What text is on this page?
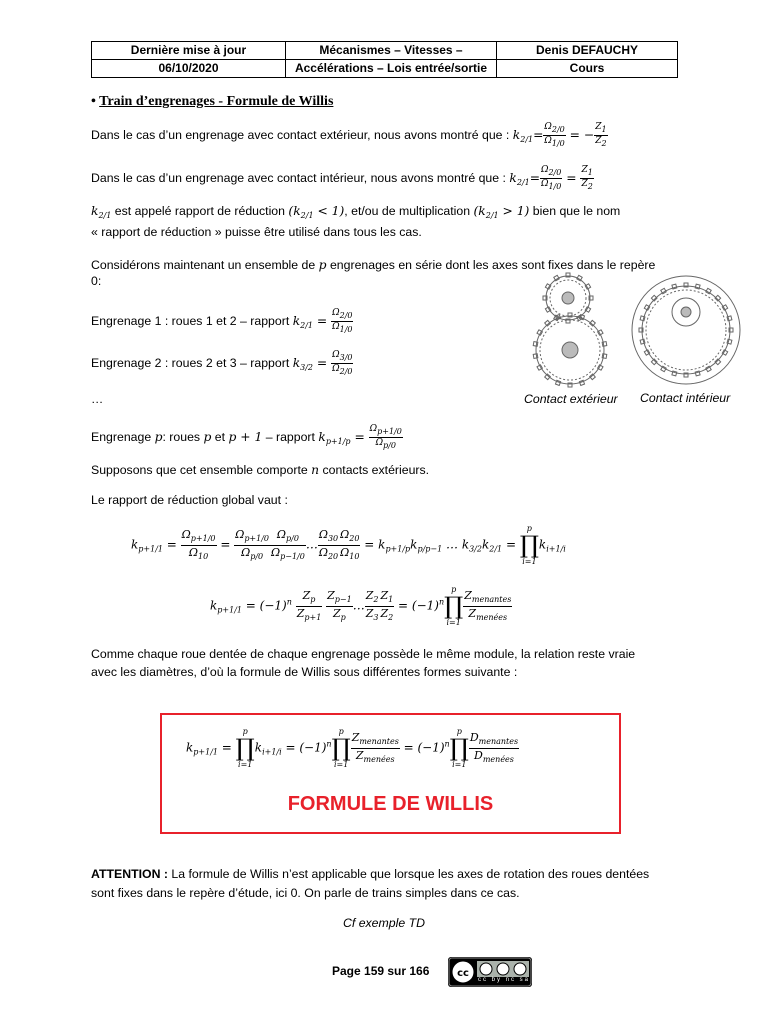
Dernière mise à jour	Mécanismes – Vitesses –	Denis DEFAUCHY
06/10/2020	Accélérations – Lois entrée/sortie	Cours
• Train d’engrenages - Formule de Willis
Dans le cas d’un engrenage avec contact extérieur, nous avons montré que : $k_{2/1}= \frac{\Omega_{2/0}}{\Omega_{1/0}}$ = − $\frac{Z_1}{Z_2}$
Dans le cas d’un engrenage avec contact intérieur, nous avons montré que : $k_{2/1}= \frac{\Omega_{2/0}}{\Omega_{1/0}} = \frac{Z_1}{Z_2}$
$k_{2/1}$ est appelé rapport de réduction $(k_{2/1} < 1)$, et/ou de multiplication $(k_{2/1} > 1)$ bien que le nom
« rapport de réduction » puisse être utilisé dans tous les cas.
Considérons maintenant un ensemble de p engrenages en série dont les axes sont fixes dans le repère
0:
Engrenage 1 : roues 1 et 2 – rapport $k_{2/1} = \frac{\Omega_{2/0}}{\Omega_{1/0}}$
Engrenage 2 : roues 2 et 3 – rapport $k_{3/2} = \frac{\Omega_{3/0}}{\Omega_{2/0}}$
…
Engrenage p: roues p et p + 1 – rapport $k_{p+1/p} = \frac{\Omega_{p+1/0}}{\Omega_{p/0}}$
Contact extérieur Contact intérieur
Supposons que cet ensemble comporte n contacts extérieurs.
Le rapport de réduction global vaut :
$k_{p+1/1} = \frac{\Omega_{p+1/0}}{\Omega_{10}} = \frac{\Omega_{p+1/0}}{\Omega_{p/0}} \frac{\Omega_{p/0}}{\Omega_{p-1/0}}$ … $\frac{\Omega_{30}}{\Omega_{20}} \frac{\Omega_{20}}{\Omega_{10}} = k_{p+1/p}k_{p/p-1}$ … $k_{3/2}k_{2/1}$ =
p
∏
i=1
$k_{i+1/i}$
$k_{p+1/1} = (-1)^n \frac{Z_p}{Z_{p+1}}$
$\frac{Z_{p-1}}{Z_p}$ … $\frac{Z_2}{Z_3} \frac{Z_1}{Z_2} = (-1)^n$
p
∏
$i=1 \frac{Z_{menantes}}{Z_{menées}}$
Comme chaque roue dentée de chaque engrenage possède le même module, la relation reste vraie
avec les diamètres, d’où la formule de Willis sous différentes formes suivante :
$k_{p+1/1}$ =
p
∏
i=1
$k_{i+1/i} = (-1)^n$
p
∏
$i=1 \frac{Z_{menantes}}{Z_{menées}} = (-1)^n$
p
∏
$i=1 \frac{D_{menantes}}{D_{menées}}$
FORMULE DE WILLIS
ATTENTION : La formule de Willis n’est applicable que lorsque les axes de rotation des roues dentées
sont fixes dans le repère d’étude, ici 0. On parle de trains simples dans ce cas.
Cf exemple TD
Page 159 sur 166	cc
cc by nc sa
